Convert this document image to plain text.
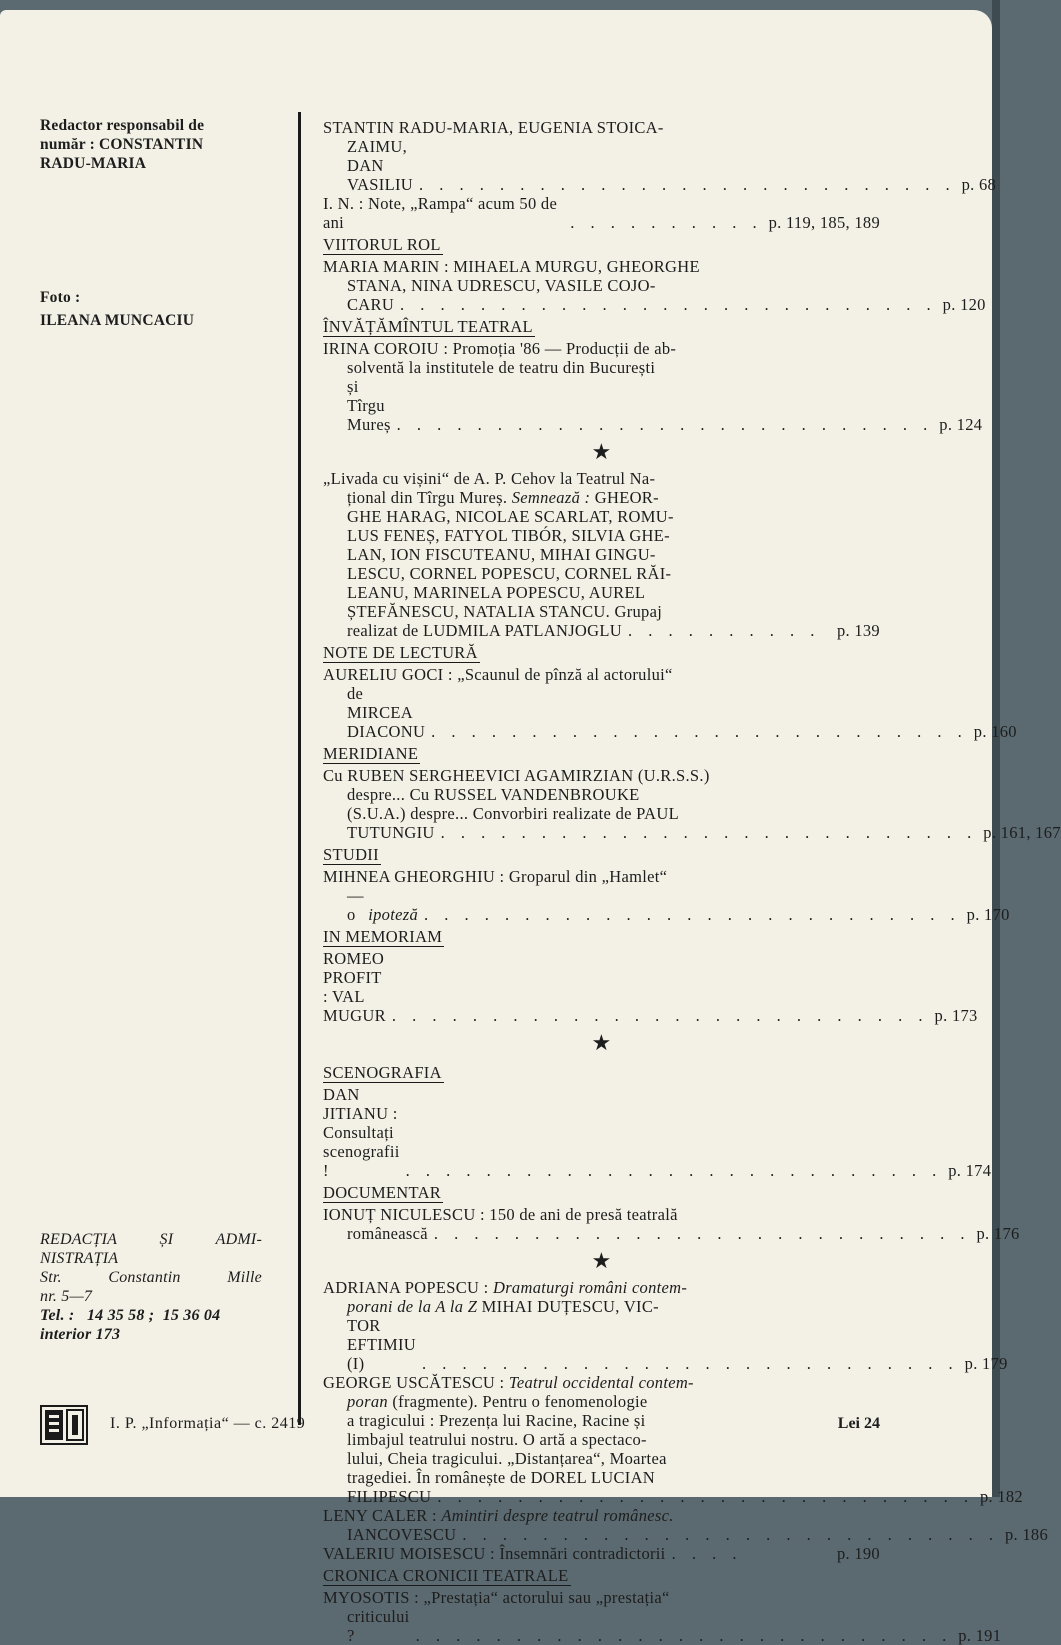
Redactor responsabil de
număr : CONSTANTIN
RADU-MARIA
Foto :
ILEANA MUNCACIU
REDACȚIA	ȘI	ADMI-
NISTRAȚIA
Str.	Constantin	Mille
nr. 5—7
Tel. :   14 35 58 ;  15 36 04
interior 173
STANTIN RADU-MARIA, EUGENIA STOICA-
ZAIMU, DAN VASILIU . . . . . . . . . . . . . . . . . . . . . . . . . . . p. 68
I. N. : Note, „Rampa“ acum 50 de ani	. . . . . . . . . . p. 119, 185, 189
VIITORUL ROL
MARIA MARIN : MIHAELA MURGU, GHEORGHE
STANA, NINA UDRESCU, VASILE COJO-
CARU . . . . . . . . . . . . . . . . . . . . . . . . . . . p. 120
ÎNVĂȚĂMÎNTUL TEATRAL
IRINA COROIU : Promoția '86 — Producții de ab-
solventă la institutele de teatru din București
și Tîrgu Mureș . . . . . . . . . . . . . . . . . . . . . . . . . . . p. 124
★
„Livada cu vișini“ de A. P. Cehov la Teatrul Na-
țional din Tîrgu Mureș. Semnează : GHEOR-
GHE HARAG, NICOLAE SCARLAT, ROMU-
LUS FENEȘ, FATYOL TIBÓR, SILVIA GHE-
LAN, ION FISCUTEANU, MIHAI GINGU-
LESCU, CORNEL POPESCU, CORNEL RĂI-
LEANU, MARINELA POPESCU, AUREL
ȘTEFĂNESCU, NATALIA STANCU. Grupaj
realizat de LUDMILA PATLANJOGLU . . . . . . . . . .	p. 139
NOTE DE LECTURĂ
AURELIU GOCI : „Scaunul de pînză al actorului“
de MIRCEA DIACONU . . . . . . . . . . . . . . . . . . . . . . . . . . . p. 160
MERIDIANE
Cu RUBEN SERGHEEVICI AGAMIRZIAN (U.R.S.S.)
despre... Cu RUSSEL VANDENBROUKE
(S.U.A.) despre... Convorbiri realizate de PAUL
TUTUNGIU . . . . . . . . . . . . . . . . . . . . . . . . . . . p. 161, 167
STUDII
MIHNEA GHEORGHIU : Groparul din „Hamlet“
— o
ipoteză . . . . . . . . . . . . . . . . . . . . . . . . . . . p. 170
IN MEMORIAM
ROMEO PROFIT : VAL MUGUR . . . . . . . . . . . . . . . . . . . . . . . . . . . p. 173
★
SCENOGRAFIA
DAN JITIANU : Consultați scenografii !	. . . . . . . . . . . . . . . . . . . . . . . . . . . p. 174
DOCUMENTAR
IONUȚ NICULESCU : 150 de ani de presă teatrală
românească . . . . . . . . . . . . . . . . . . . . . . . . . . . p. 176
★
ADRIANA POPESCU : Dramaturgi români contem-
porani de la A la Z MIHAI DUȚESCU, VIC-
TOR EFTIMIU (I)	. . . . . . . . . . . . . . . . . . . . . . . . . . . p. 179
GEORGE USCĂTESCU : Teatrul occidental contem-
poran (fragmente). Pentru o fenomenologie
a tragicului : Prezența lui Racine, Racine și
limbajul teatrului nostru. O artă a spectaco-
lului, Cheia tragicului. „Distanțarea“, Moartea
tragediei. În românește de DOREL LUCIAN
FILIPESCU . . . . . . . . . . . . . . . . . . . . . . . . . . . p. 182
LENY CALER : Amintiri despre teatrul românesc.
IANCOVESCU . . . . . . . . . . . . . . . . . . . . . . . . . . . p. 186
VALERIU MOISESCU : Însemnări contradictorii . . . .	p. 190
CRONICA CRONICII TEATRALE
MYOSOTIS : „Prestația“ actorului sau „prestația“
criticului ?	. . . . . . . . . . . . . . . . . . . . . . . . . . . p. 191
I. P. „Informația“ — c. 2419	Lei 24
